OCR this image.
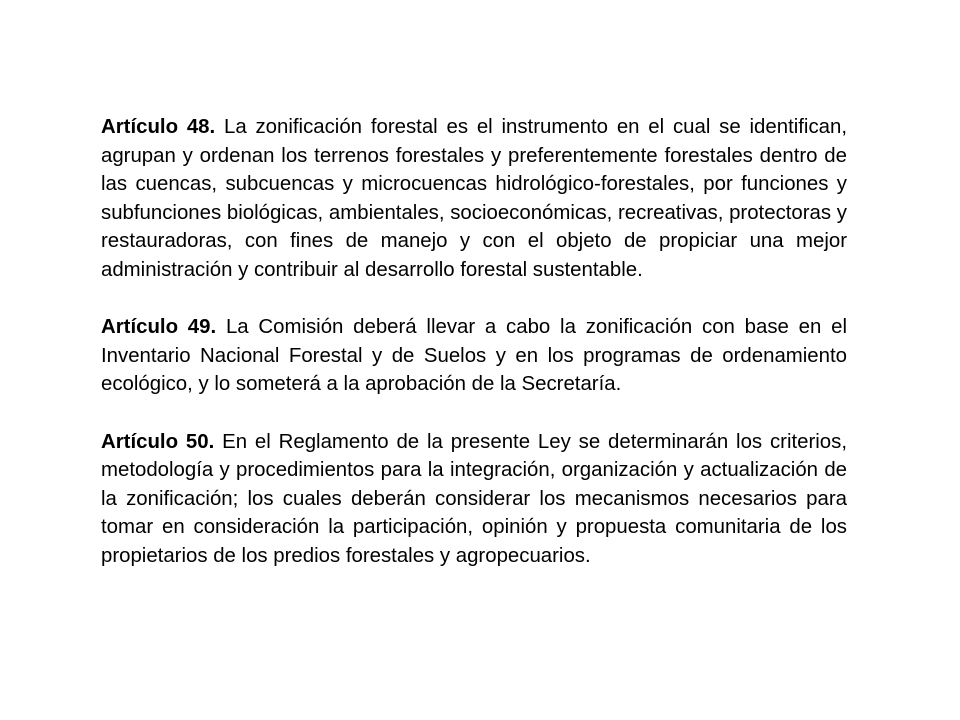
Artículo 48. La zonificación forestal es el instrumento en el cual se identifican, agrupan y ordenan los terrenos forestales y preferentemente forestales dentro de las cuencas, subcuencas y microcuencas hidrológico-forestales, por funciones y subfunciones biológicas, ambientales, socioeconómicas, recreativas, protectoras y restauradoras, con fines de manejo y con el objeto de propiciar una mejor administración y contribuir al desarrollo forestal sustentable.

Artículo 49. La Comisión deberá llevar a cabo la zonificación con base en el Inventario Nacional Forestal y de Suelos y en los programas de ordenamiento ecológico, y lo someterá a la aprobación de la Secretaría.

Artículo 50. En el Reglamento de la presente Ley se determinarán los criterios, metodología y procedimientos para la integración, organización y actualización de la zonificación; los cuales deberán considerar los mecanismos necesarios para tomar en consideración la participación, opinión y propuesta comunitaria de los propietarios de los predios forestales y agropecuarios.
